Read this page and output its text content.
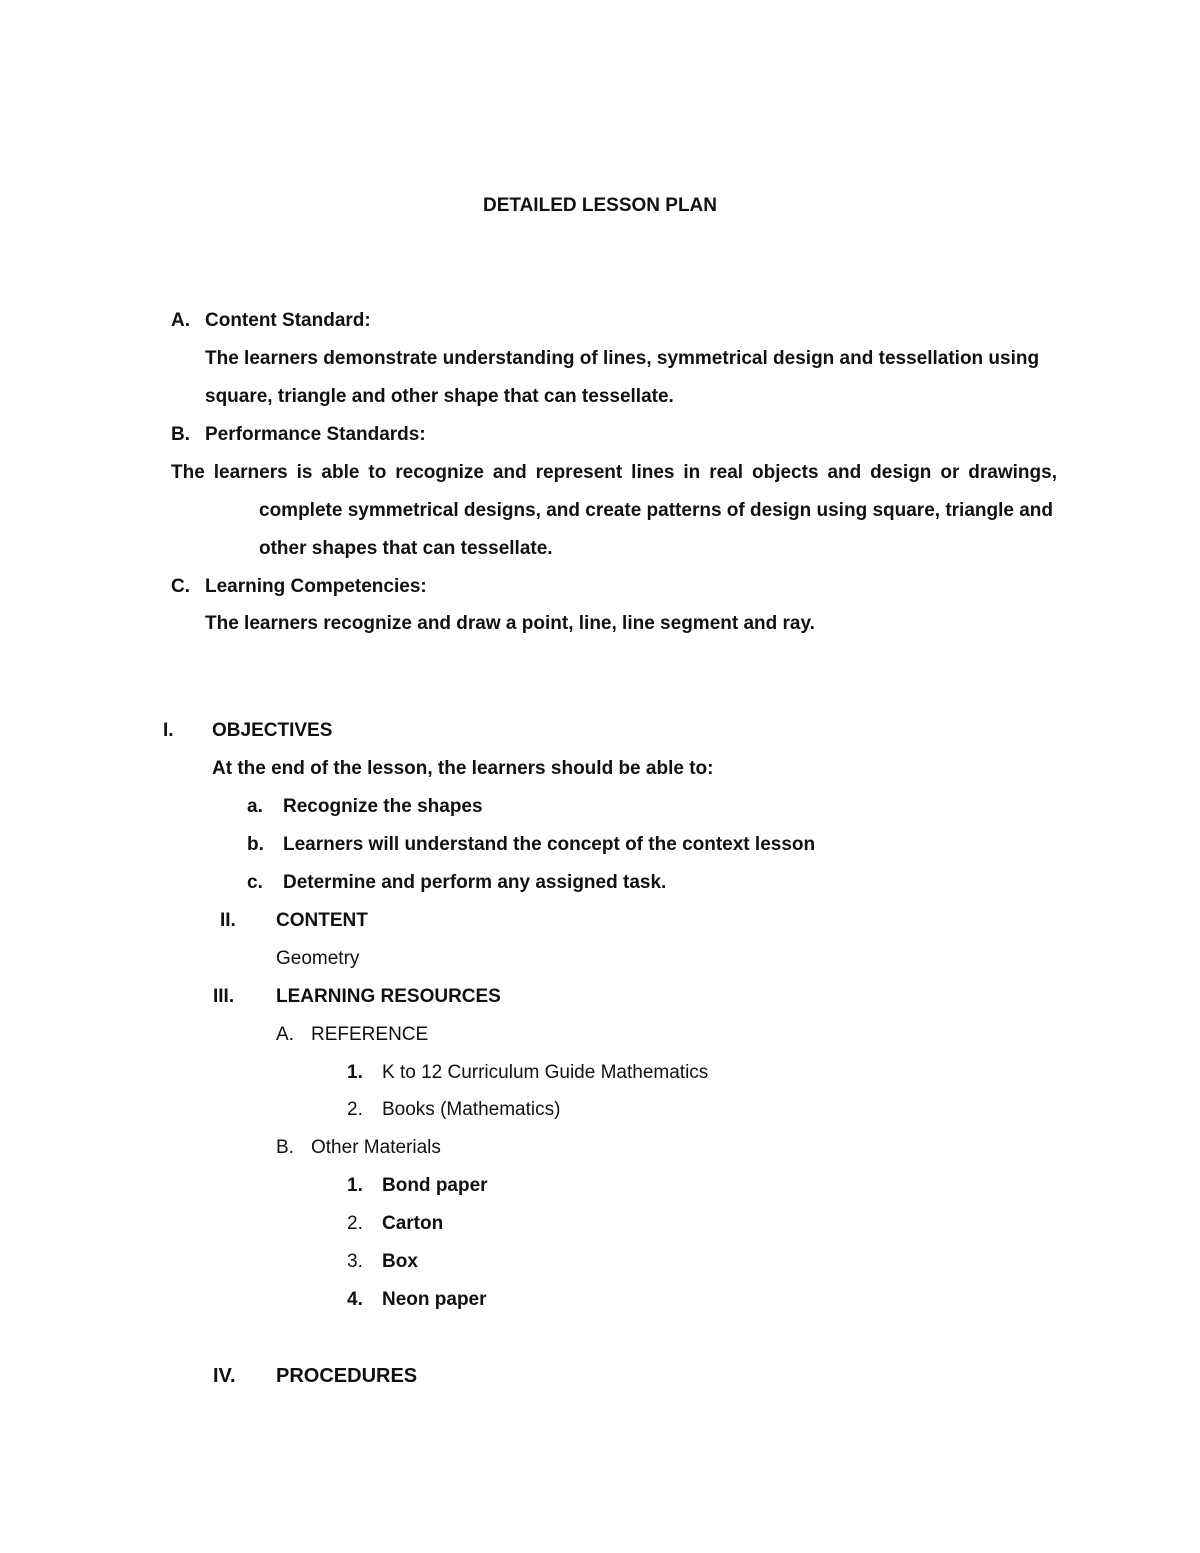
DETAILED LESSON PLAN
A. Content Standard:
The learners demonstrate understanding of lines, symmetrical design and tessellation using
square, triangle and other shape that can tessellate.
B. Performance Standards:
The learners is able to recognize and represent lines in real objects and design or drawings,
complete symmetrical designs, and create patterns of design using square, triangle and
other shapes that can tessellate.
C. Learning Competencies:
The learners recognize and draw a point, line, line segment and ray.
I. OBJECTIVES
At the end of the lesson, the learners should be able to:
a. Recognize the shapes
b. Learners will understand the concept of the context lesson
c. Determine and perform any assigned task.
II. CONTENT
Geometry
III. LEARNING RESOURCES
A. REFERENCE
1. K to 12 Curriculum Guide Mathematics
2. Books (Mathematics)
B. Other Materials
1. Bond paper
2. Carton
3. Box
4. Neon paper
IV. PROCEDURES
